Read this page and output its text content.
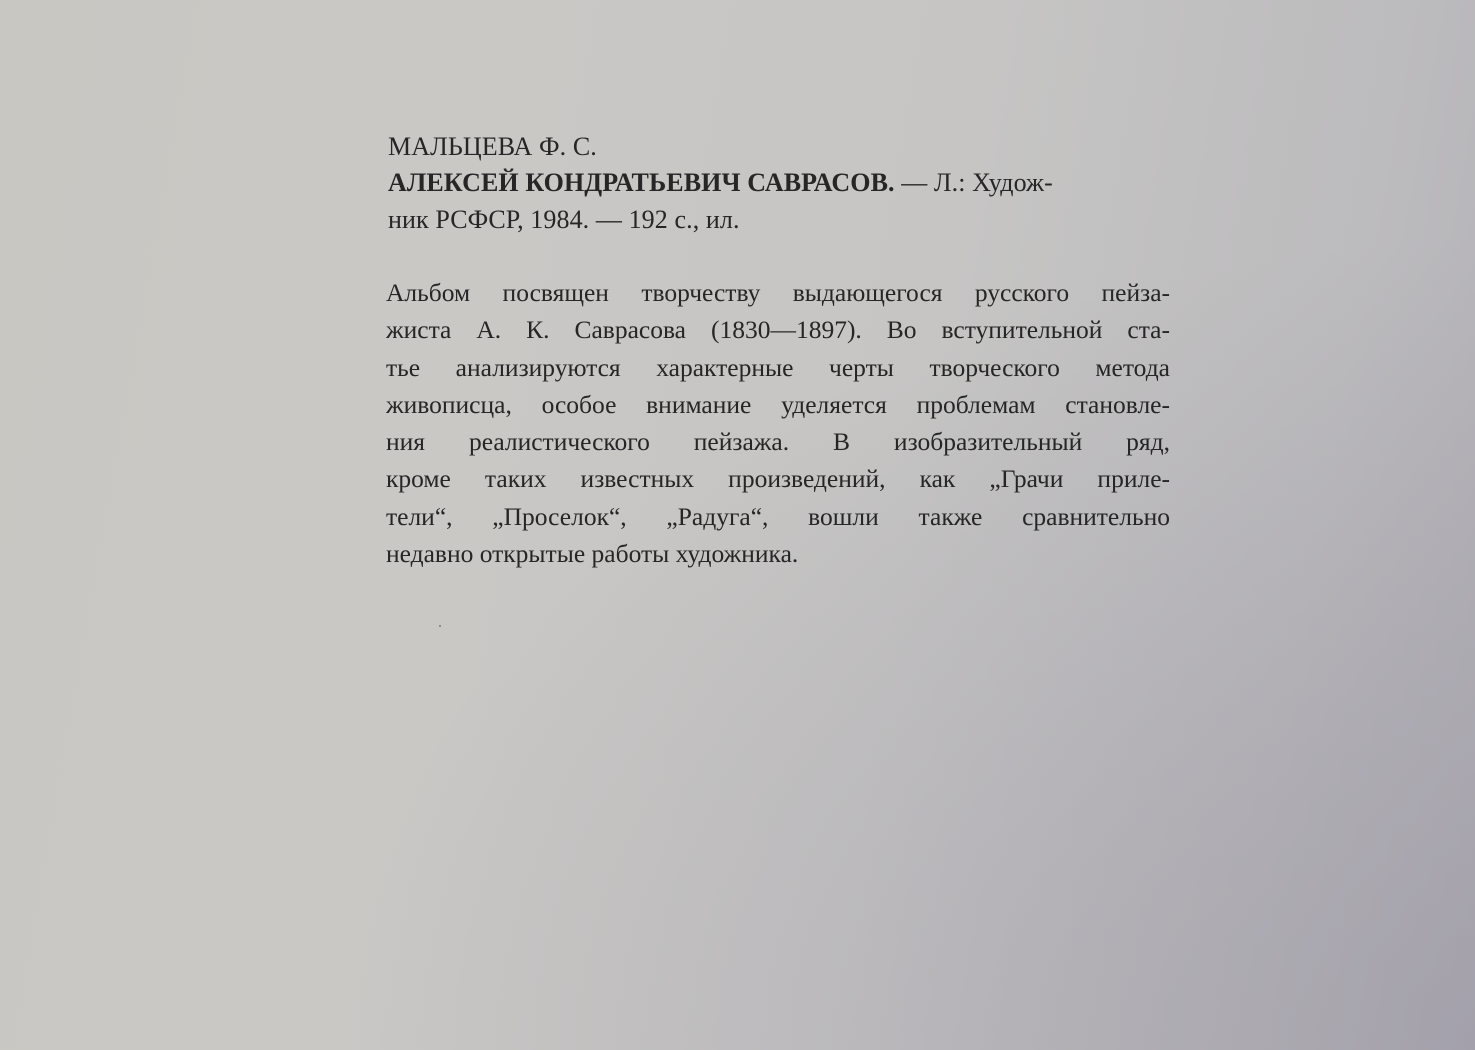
МАЛЬЦЕВА Ф. С.
АЛЕКСЕЙ КОНДРАТЬЕВИЧ САВРАСОВ. — Л.: Худож-
ник РСФСР, 1984. — 192 с., ил.
Альбом посвящен творчеству выдающегося русского пейза-
жиста А. К. Саврасова (1830—1897). Во вступительной ста-
тье анализируются характерные черты творческого метода
живописца, особое внимание уделяется проблемам становле-
ния реалистического пейзажа. В изобразительный ряд,
кроме таких известных произведений, как „Грачи приле-
тели“, „Проселок“, „Радуга“, вошли также сравнительно
недавно открытые работы художника.
